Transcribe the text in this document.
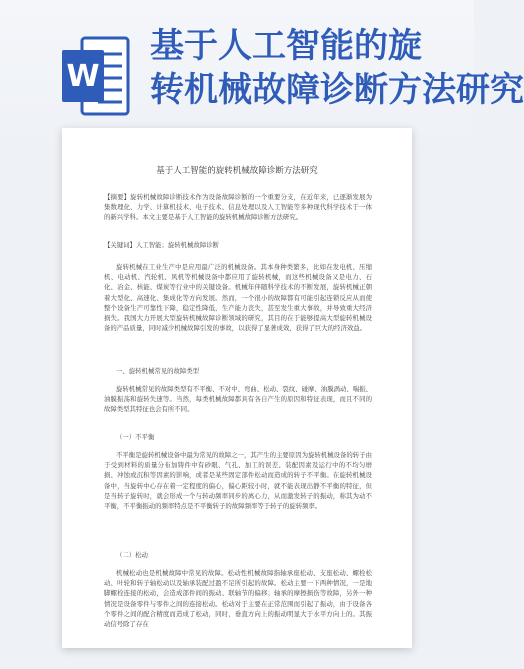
W
基于人工智能的旋
转机械故障诊断方法研究
基于人工智能的旋转机械故障诊断方法研究
【摘要】旋转机械故障诊断技术作为设备故障诊断的一个重要分支，在近年来，已逐渐发展为集数理化、力学、计算机技术、电子技术、信息处理以及人工智能等多种现代科学技术于一体的新兴学科。本文主要是基于人工智能的旋转机械故障诊断方法研究。
【关键词】人工智能；旋转机械故障诊断
旋转机械在工业生产中是应用最广泛的机械设备。其本身种类繁多，比如在发电机、压缩机、电动机、汽轮机、风机等机械设备中都应用了旋转机械，而这些机械设备又是电力、石化、冶金、核能、煤炭等行业中的关键设备。机械年伴随科学技术的不断发展，旋转机械正朝着大型化、高速化、集成化等方向发展。然而，一个很小的故障都有可能引起连锁反应从而使整个设备生产可靠性下降，稳定性降低，生产能力丧失，甚至发生重大事故，并导致重大经济损失。我国大力开展大型旋转机械故障诊断领域的研究，其目的在于能够提高大型旋转机械设备的产品质量，同时减少机械故障引发的事故，以获得了显著成效，获得了巨大的经济效益。
一、旋转机械常见的故障类型
旋转机械常见的故障类型有不平衡、不对中、弯曲、松动、裂纹、碰摩、油膜涡动、喘振、油膜振荡和旋转失速等。当然，每类机械故障都具有各自产生的原因和特征表现，而且不同的故障类型其特征也会有所不同。
（一）不平衡
不平衡是旋转机械设备中最为常见的故障之一，其产生的主要原因为旋转机械设备的转子由于受到材料的质量分布加铸件中有砂眼、气孔、加工的误差、装配因素及运行中的不均匀磨损、冲蚀或沉积等因素的影响，或者是某些固定部件松动而造成的转子不平衡。在旋转机械设备中，当旋转中心存在着一定程度的偏心，偏心距较小时，就不能表现出静不平衡的特征，但是当转子旋转时，就会形成一个与转动频率同步的离心力，从而激发转子的振动，称其为动不平衡，不平衡振动的频率特点是不平衡转子的故障频率等于转子的旋转频率。
（二）松动
机械松动也是机械故障中常见的故障。松动性机械故障指轴承座松动、支座松动、螺栓松动、叶轮和转子轴松动以及轴承装配过盈不足所引起的故障。松动主要一下两种情况，一是地脚螺栓连接的松动，会造成部件间的振动、联轴节的偏移；轴承的摩擦损伤等故障，另外一种情况是设备零件与零件之间的连接松动。松动对于主要在正常范围而引起了振动，由于设备各个零件之间的配合精度而造成了松动，同时，垂直方向上的振动明显大于水平方向上的。其振动信号除了存在
